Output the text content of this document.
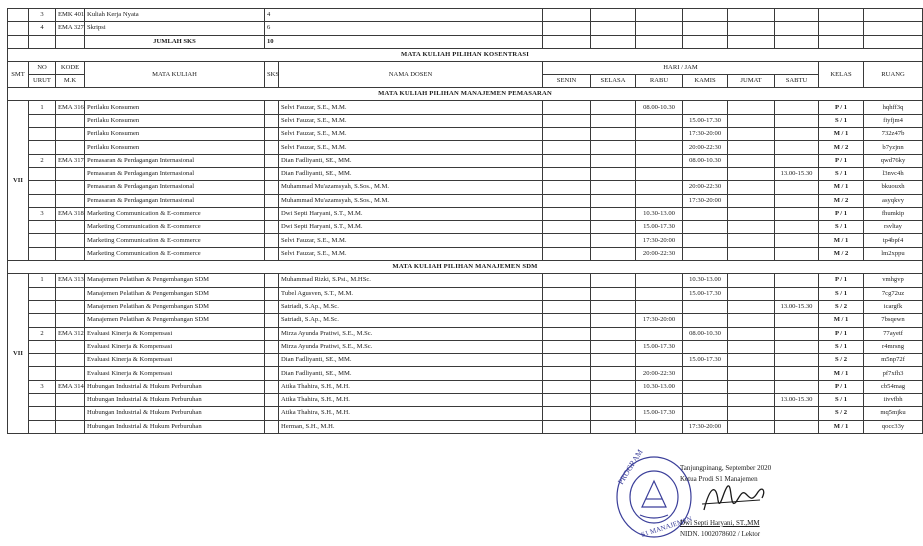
	3	EMK 401	Kuliah Kerja Nyata	4									
	4	EMA 327	Skripsi	6									
			JUMLAH SKS	10									
MATA KULIAH PILIHAN KOSENTRASI													
SMT	NO	KODE	MATA KULIAH	SKS	NAMA DOSEN	HARI / JAM						KELAS	RUANG
	URUT	M.K				SENIN	SELASA	RABU	KAMIS	JUMAT	SABTU		
MATA KULIAH PILIHAN MANAJEMEN PEMASARAN													
VII	1	EMA 316	Perilaku Konsumen		Selvi Fauzar, S.E., M.M.			08.00-10.30				P / 1	hqhff3q
			Perilaku Konsumen		Selvi Fauzar, S.E., M.M.				15.00-17.30			S / 1	fiyfjm4
			Perilaku Konsumen		Selvi Fauzar, S.E., M.M.				17:30-20:00			M / 1	732z47b
			Perilaku Konsumen		Selvi Fauzar, S.E., M.M.				20:00-22:30			M / 2	b7yzjnn
	2	EMA 317	Pemasaran & Perdagangan Internasional		Dian Fadliyanti, SE., MM.				08.00-10.30			P / 1	qwd76ky
			Pemasaran & Perdagangan Internasional		Dian Fadliyanti, SE., MM.						13.00-15.30	S / 1	l3nvc4h
			Pemasaran & Perdagangan Internasional		Muhammad Mu'azamsyah, S.Sos., M.M.				20:00-22:30			M / 1	bkuouxh
			Pemasaran & Perdagangan Internasional		Muhammad Mu'azamsyah, S.Sos., M.M.				17:30-20:00			M / 2	asyqkvy
	3	EMA 318	Marketing Communication & E-commerce		Dwi Septi Haryani, S.T., M.M.			10.30-13.00				P / 1	fhumkip
			Marketing Communication & E-commerce		Dwi Septi Haryani, S.T., M.M.			15.00-17.30				S / 1	rsvltay
			Marketing Communication & E-commerce		Selvi Fauzar, S.E., M.M.			17:30-20:00				M / 1	tp4bpf4
			Marketing Communication & E-commerce		Selvi Fauzar, S.E., M.M.			20:00-22:30				M / 2	lm2xppu
MATA KULIAH PILIHAN MANAJEMEN SDM													
VII	1	EMA 313	Manajemen Pelatihan & Pengembangan SDM		Muhammad Rizki, S.Psi., M.HSc.				10.30-13.00			P / 1	vmhgvp
			Manajemen Pelatihan & Pengembangan SDM		Tubel Agusven, S.T., M.M.				15.00-17.30			S / 1	7cg72uz
			Manajemen Pelatihan & Pengembangan SDM		Satriadi, S.Ap., M.Sc.						13.00-15.30	S / 2	icargfk
			Manajemen Pelatihan & Pengembangan SDM		Satriadi, S.Ap., M.Sc.			17:30-20:00				M / 1	7bsqewn
	2	EMA 312	Evaluasi Kinerja & Kompensasi		Mirza Ayunda Pratiwi, S.E., M.Sc.				08.00-10.30			P / 1	77ayetf
			Evaluasi Kinerja & Kompensasi		Mirza Ayunda Pratiwi, S.E., M.Sc.			15.00-17.30				S / 1	r4mrsng
			Evaluasi Kinerja & Kompensasi		Dian Fadliyanti, SE., MM.				15.00-17.30			S / 2	m5np72f
			Evaluasi Kinerja & Kompensasi		Dian Fadliyanti, SE., MM.			20:00-22:30				M / 1	pf7xfh3
	3	EMA 314	Hubungan Industrial & Hukum Perburuhan		Atika Thahira, S.H., M.H.			10.30-13.00				P / 1	cb54mag
			Hubungan Industrial & Hukum Perburuhan		Atika Thahira, S.H., M.H.						13.00-15.30	S / 1	iivvfbh
			Hubungan Industrial & Hukum Perburuhan		Atika Thahira, S.H., M.H.			15.00-17.30				S / 2	mq5mjku
			Hubungan Industrial & Hukum Perburuhan		Herman, S.H., M.H.				17:30-20:00			M / 1	qocc33y
PROGRAM
S1 MANAJEMEN
Tanjungpinang, September 2020
Ketua Prodi S1 Manajemen
Dwi Septi Haryani, ST.,MM
NIDN. 1002078602 / Lektor
